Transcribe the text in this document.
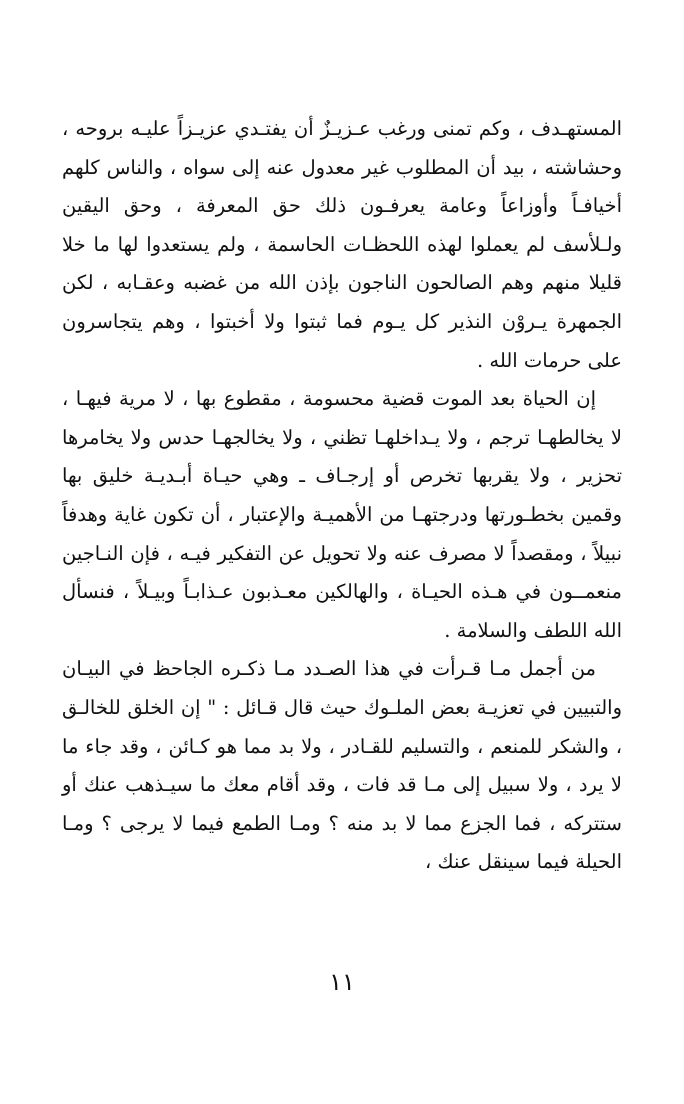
المستهـدف ، وكم تمنى ورغب عـزيـزٌ أن يفتـدي عزيـزاً عليـه بروحه ، وحشاشته ، بيد أن المطلوب غير معدول عنه إلى سواه ، والناس كلهم أخيافـاً وأوزاعاً وعامة يعرفـون ذلك حق المعرفة ، وحق اليقين ولـلأسف لم يعملوا لهذه اللحظـات الحاسمة ، ولم يستعدوا لها ما خلا قليلا منهم وهم الصالحون الناجون بإذن الله من غضبه وعقـابه ، لكن الجمهرة يـروْن النذير كل يـوم فما ثبتوا ولا أخبتوا ، وهم يتجاسرون على حرمات الله .

إن الحياة بعد الموت قضية محسومة ، مقطوع بها ، لا مرية فيهـا ، لا يخالطهـا ترجم ، ولا يـداخلهـا تظني ، ولا يخالجهـا حدس ولا يخامرها تحزير ، ولا يقربها تخرص أو إرجـاف ـ وهي حيـاة أبـديـة خليق بها وقمين بخطـورتها ودرجتهـا من الأهميـة والإعتبار ، أن تكون غاية وهدفاً نبيلاً ، ومقصداً لا مصرف عنه ولا تحويل عن التفكير فيـه ، فإن النـاجين منعمــون في هـذه الحيـاة ، والهالكين معـذبون عـذابـاً وبيـلاً ، فنسأل الله اللطف والسلامة .

من أجمل مـا قـرأت في هذا الصـدد مـا ذكـره الجاحظ في البيـان والتبيين في تعزيـة بعض الملـوك حيث قال قـائل : " إن الخلق للخالـق ، والشكر للمنعم ، والتسليم للقـادر ، ولا بد مما هو كـائن ، وقد جاء ما لا يرد ، ولا سبيل إلى مـا قد فات ، وقد أقام معك ما سيـذهب عنك أو ستتركه ، فما الجزع مما لا بد منه ؟ ومـا الطمع فيما لا يرجى ؟ ومـا الحيلة فيما سينقل عنك ،

١١
